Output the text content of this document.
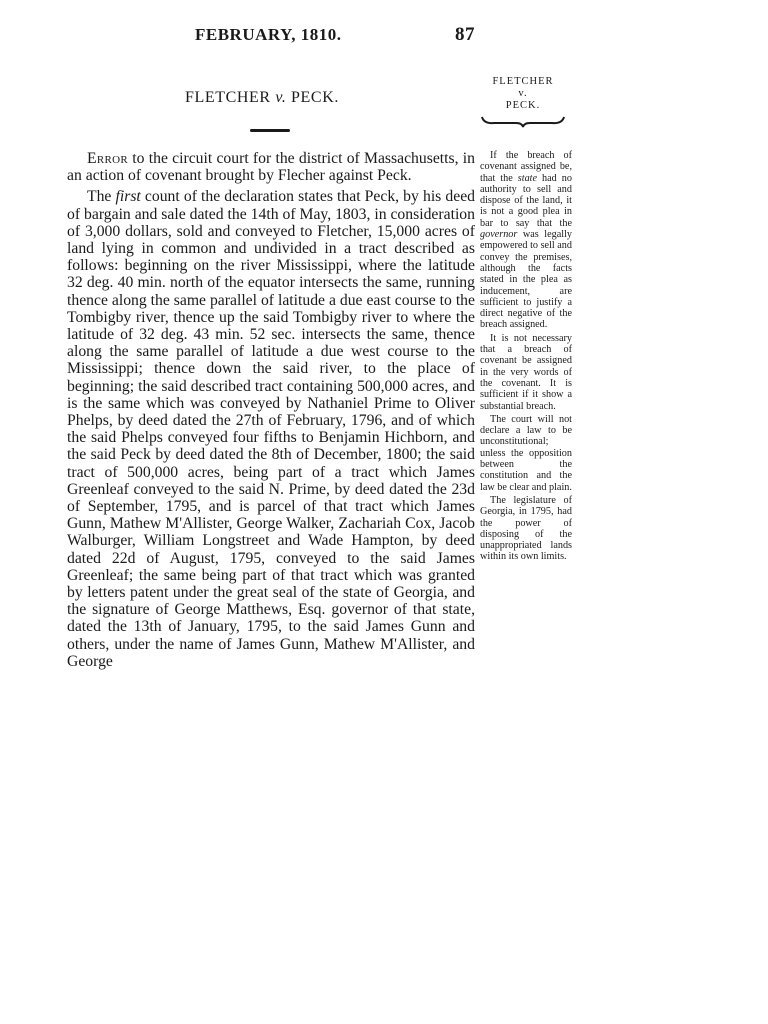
FEBRUARY, 1810.	87
FLETCHER v. PECK.
FLETCHER
v.
PECK.

Error to the circuit court for the district of Massachusetts, in an action of covenant brought by Flecher against Peck.

The first count of the declaration states that Peck, by his deed of bargain and sale dated the 14th of May, 1803, in consideration of 3,000 dollars, sold and conveyed to Fletcher, 15,000 acres of land lying in common and undivided in a tract described as follows: beginning on the river Mississippi, where the latitude 32 deg. 40 min. north of the equator intersects the same, running thence along the same parallel of latitude a due east course to the Tombigby river, thence up the said Tombigby river to where the latitude of 32 deg. 43 min. 52 sec. intersects the same, thence along the same parallel of latitude a due west course to the Mississippi; thence down the said river, to the place of beginning; the said described tract containing 500,000 acres, and is the same which was conveyed by Nathaniel Prime to Oliver Phelps, by deed dated the 27th of February, 1796, and of which the said Phelps conveyed four fifths to Benjamin Hichborn, and the said Peck by deed dated the 8th of December, 1800; the said tract of 500,000 acres, being part of a tract which James Greenleaf conveyed to the said N. Prime, by deed dated the 23d of September, 1795, and is parcel of that tract which James Gunn, Mathew M'Allister, George Walker, Zachariah Cox, Jacob Walburger, William Longstreet and Wade Hampton, by deed dated 22d of August, 1795, conveyed to the said James Greenleaf; the same being part of that tract which was granted by letters patent under the great seal of the state of Georgia, and the signature of George Matthews, Esq. governor of that state, dated the 13th of January, 1795, to the said James Gunn and others, under the name of James Gunn, Mathew M'Allister, and George

If the breach of covenant assigned be, that the state had no authority to sell and dispose of the land, it is not a good plea in bar to say that the governor was legally empowered to sell and convey the premises, although the facts stated in the plea as inducement, are sufficient to justify a direct negative of the breach assigned.

It is not necessary that a breach of covenant be assigned in the very words of the covenant. It is sufficient if it show a substantial breach.

The court will not declare a law to be unconstitutional; unless the opposition between the constitution and the law be clear and plain.

The legislature of Georgia, in 1795, had the power of disposing of the unappropriated lands within its own limits.
